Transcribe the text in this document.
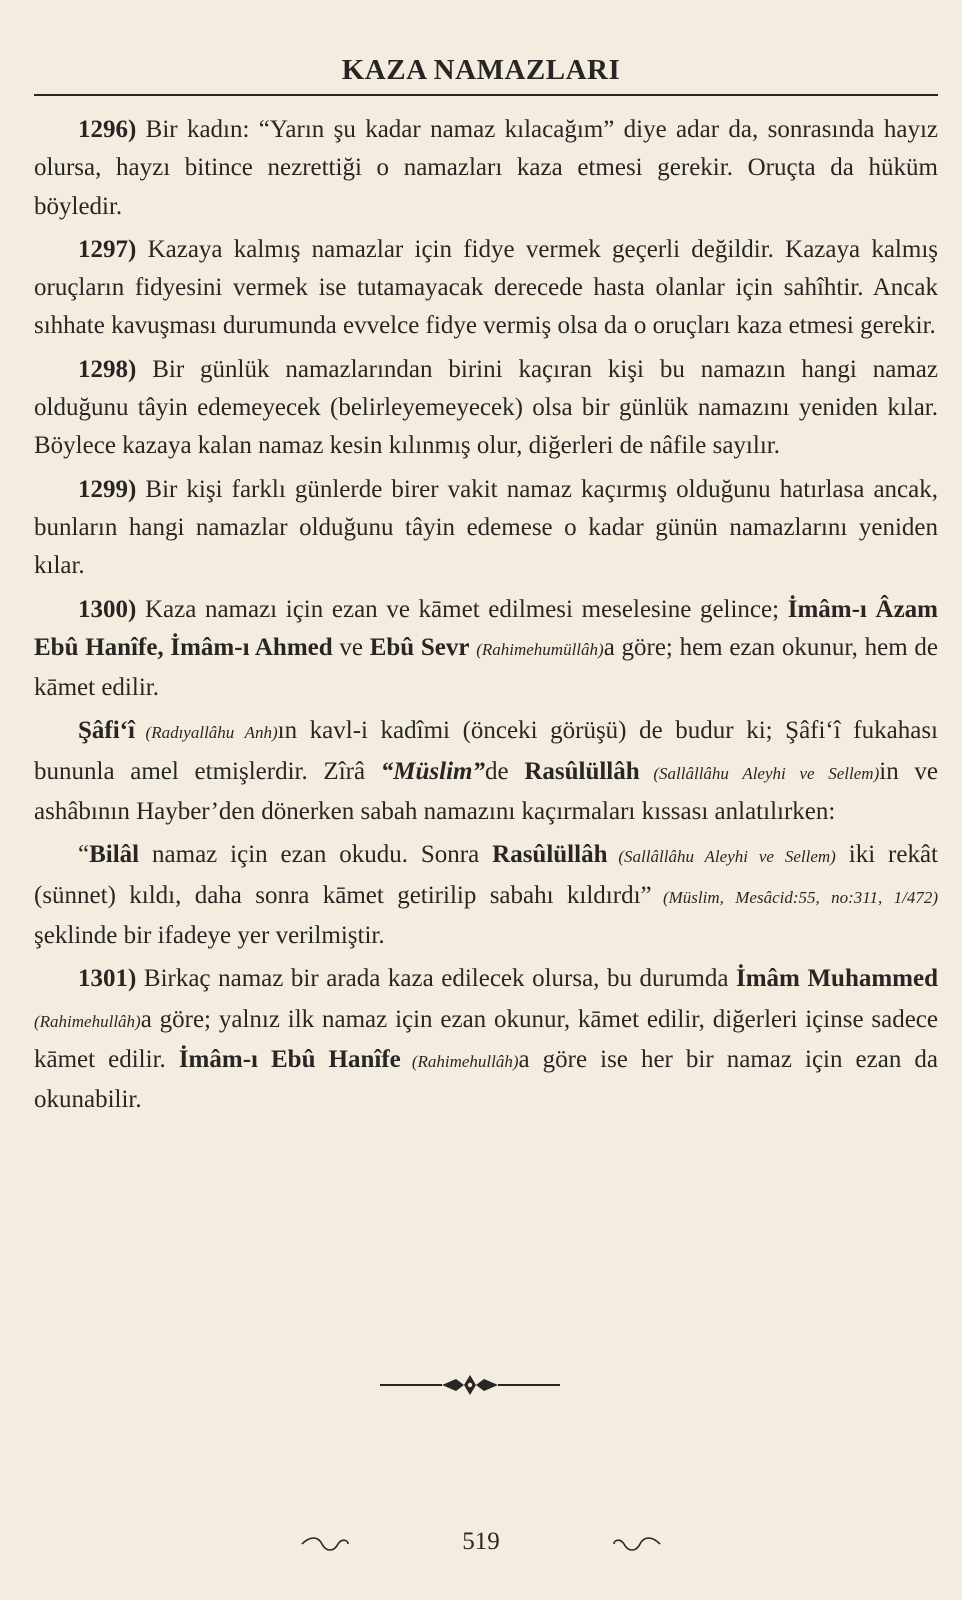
KAZA NAMAZLARI

1296) Bir kadın: “Yarın şu kadar namaz kılacağım” diye adar da, sonrasında hayız olursa, hayzı bitince nezrettiği o namazları kaza etmesi gerekir. Oruçta da hüküm böyledir.

1297) Kazaya kalmış namazlar için fidye vermek geçerli değildir. Kazaya kalmış oruçların fidyesini vermek ise tutamayacak derecede hasta olanlar için sahîhtir. Ancak sıhhate kavuşması durumunda evvelce fidye vermiş olsa da o oruçları kaza etmesi gerekir.

1298) Bir günlük namazlarından birini kaçıran kişi bu namazın hangi namaz olduğunu tâyin edemeyecek (belirleyemeyecek) olsa bir günlük namazını yeniden kılar. Böylece kazaya kalan namaz kesin kılınmış olur, diğerleri de nâfile sayılır.

1299) Bir kişi farklı günlerde birer vakit namaz kaçırmış olduğunu hatırlasa ancak, bunların hangi namazlar olduğunu tâyin edemese o kadar günün namazlarını yeniden kılar.

1300) Kaza namazı için ezan ve kāmet edilmesi meselesine gelince; İmâm-ı Âzam Ebû Hanîfe, İmâm-ı Ahmed ve Ebû Sevr (Rahimehumüllâh)a göre; hem ezan okunur, hem de kāmet edilir.

Şâfi‘î (Radıyallâhu Anh)ın kavl-i kadîmi (önceki görüşü) de budur ki; Şâfi‘î fukahası bununla amel etmişlerdir. Zîrâ “Müslim”de Rasûlüllâh (Sallâllâhu Aleyhi ve Sellem)in ve ashâbının Hayber’den dönerken sabah namazını kaçırmaları kıssası anlatılırken:

“Bilâl namaz için ezan okudu. Sonra Rasûlüllâh (Sallâllâhu Aleyhi ve Sellem) iki rekât (sünnet) kıldı, daha sonra kāmet getirilip sabahı kıldırdı” (Müslim, Mesâcid:55, no:311, 1/472) şeklinde bir ifadeye yer verilmiştir.

1301) Birkaç namaz bir arada kaza edilecek olursa, bu durumda İmâm Muhammed (Rahimehullâh)a göre; yalnız ilk namaz için ezan okunur, kāmet edilir, diğerleri içinse sadece kāmet edilir. İmâm-ı Ebû Hanîfe (Rahimehullâh)a göre ise her bir namaz için ezan da okunabilir.

519
